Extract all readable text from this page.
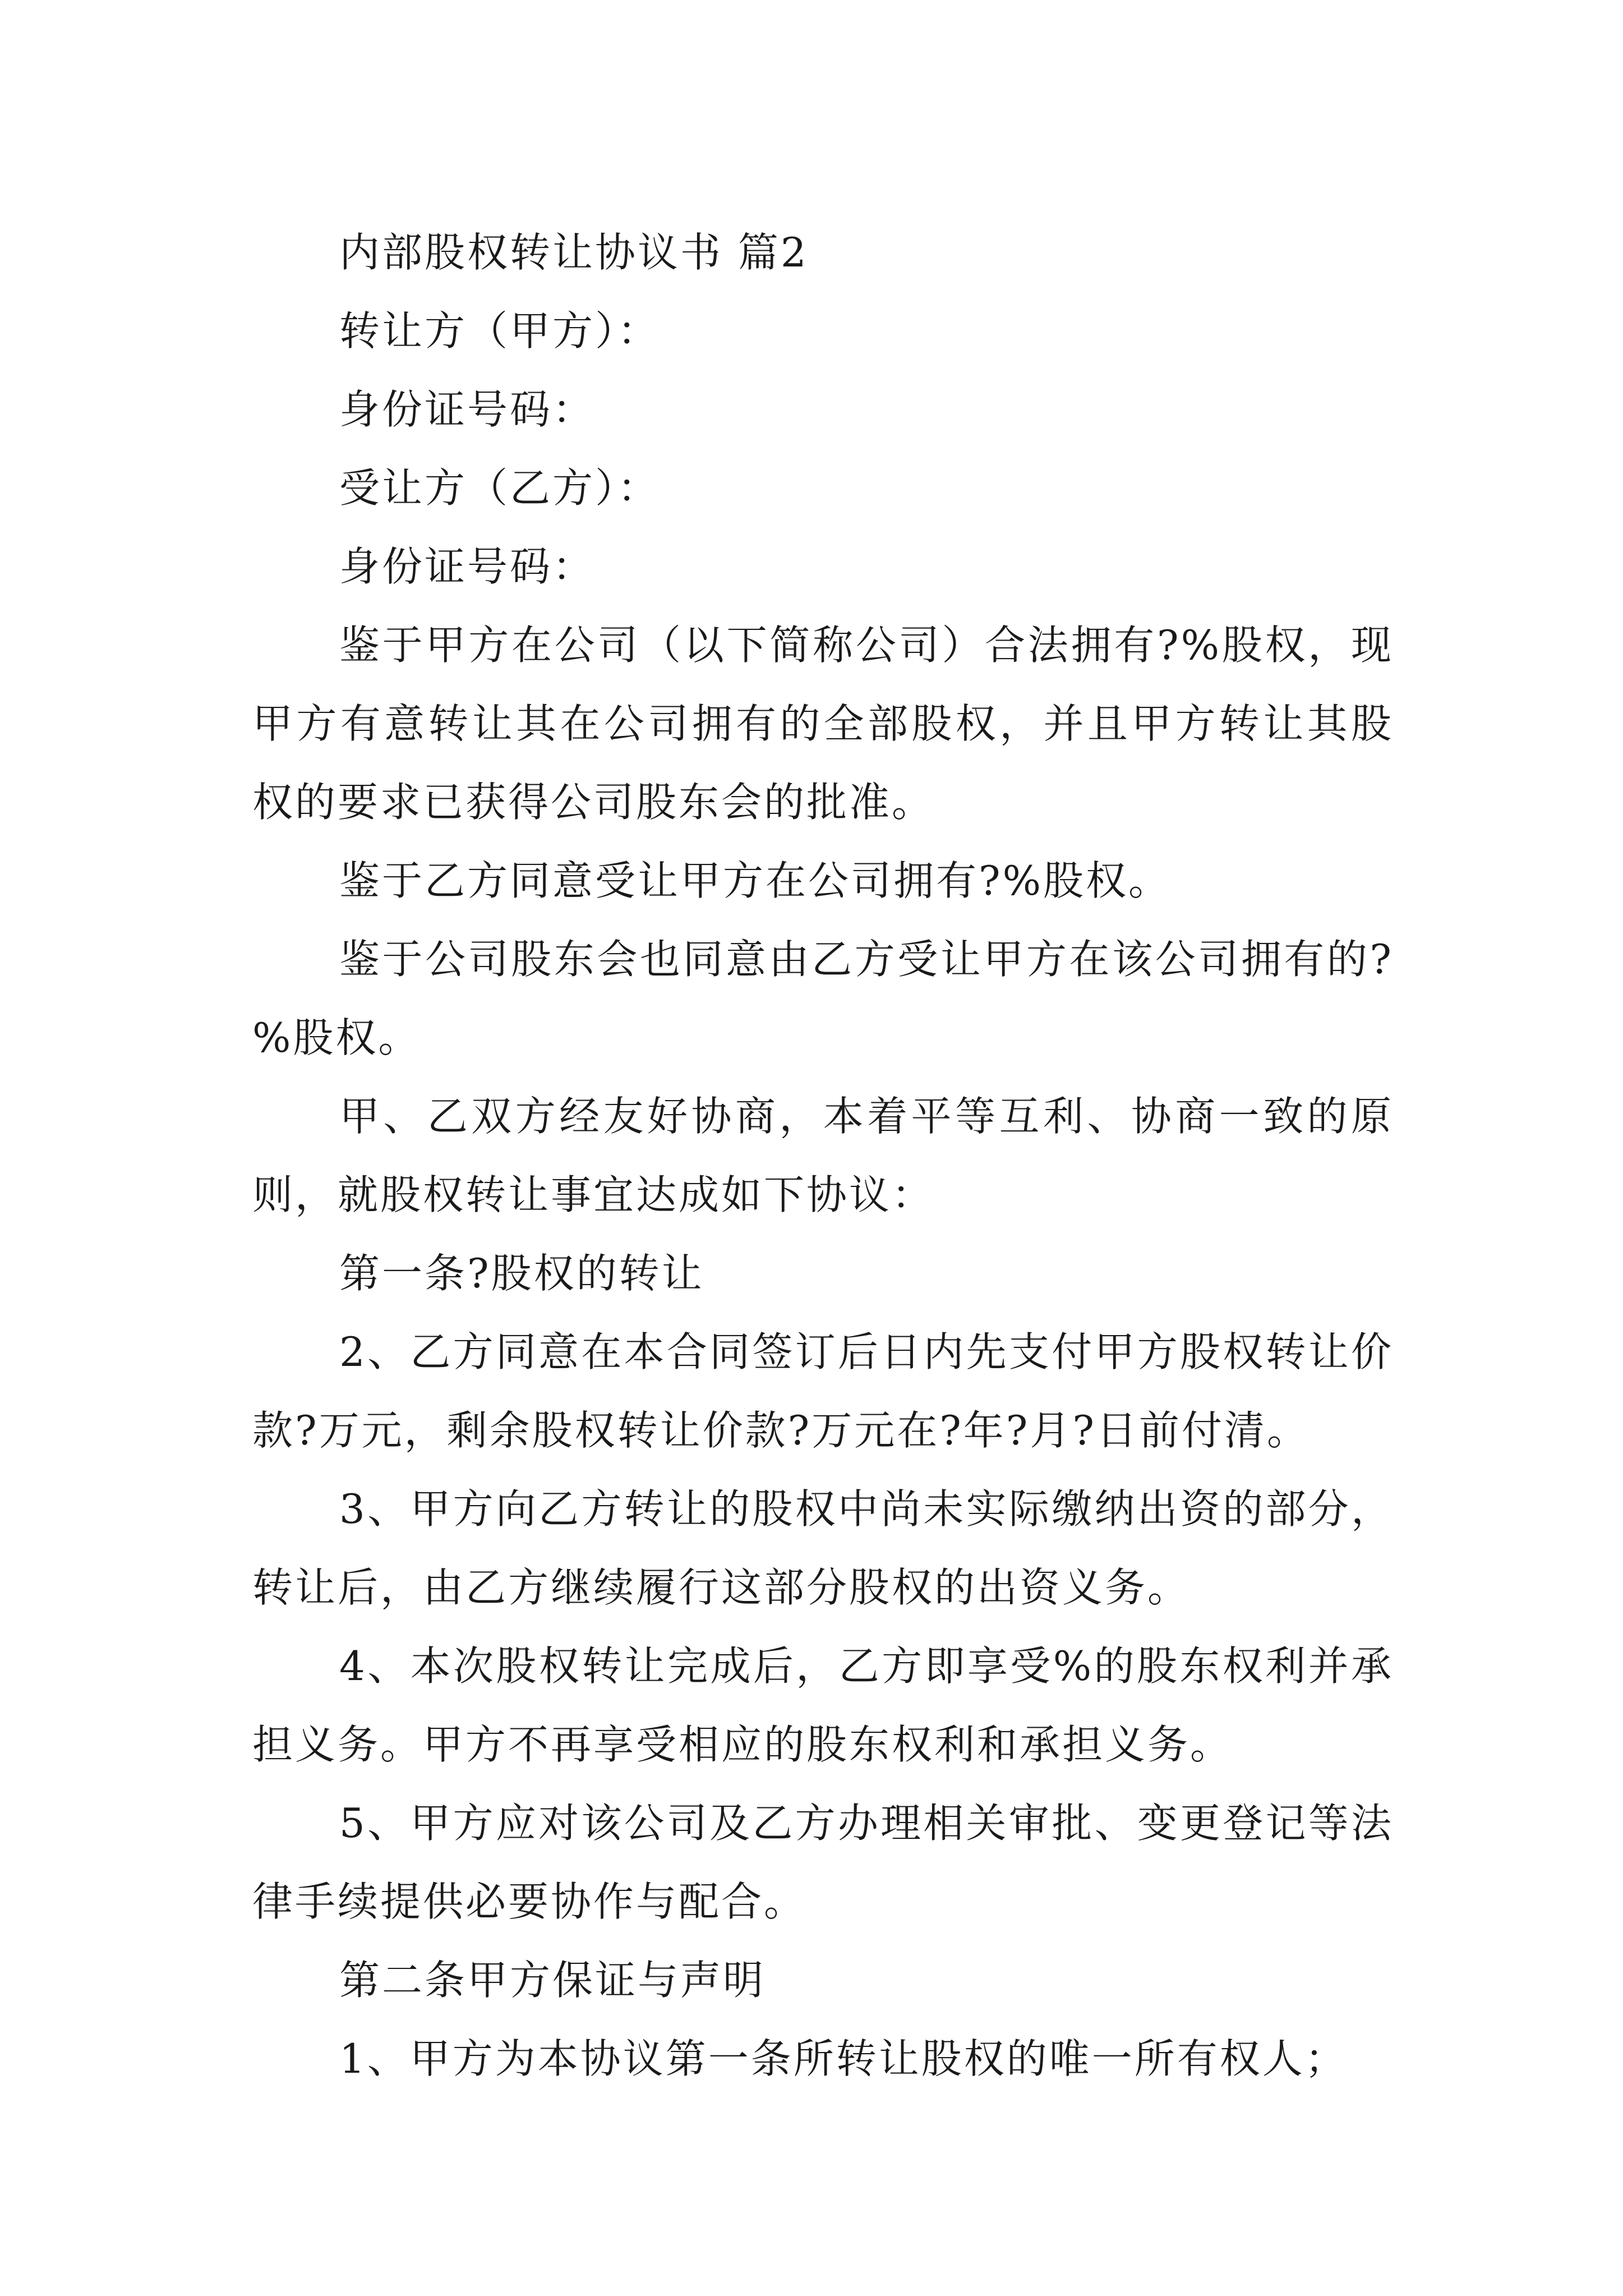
内部股权转让协议书 篇2

转让方（甲方）：

身份证号码：

受让方（乙方）：

身份证号码：

鉴于甲方在公司（以下简称公司）合法拥有?%股权，现甲方有意转让其在公司拥有的全部股权，并且甲方转让其股权的要求已获得公司股东会的批准。

鉴于乙方同意受让甲方在公司拥有?%股权。

鉴于公司股东会也同意由乙方受让甲方在该公司拥有的?%股权。

甲、乙双方经友好协商，本着平等互利、协商一致的原则，就股权转让事宜达成如下协议：

第一条?股权的转让

2、乙方同意在本合同签订后日内先支付甲方股权转让价款?万元，剩余股权转让价款?万元在?年?月?日前付清。

3、甲方向乙方转让的股权中尚未实际缴纳出资的部分，转让后，由乙方继续履行这部分股权的出资义务。

4、本次股权转让完成后，乙方即享受%的股东权利并承担义务。甲方不再享受相应的股东权利和承担义务。

5、甲方应对该公司及乙方办理相关审批、变更登记等法律手续提供必要协作与配合。

第二条甲方保证与声明

1、甲方为本协议第一条所转让股权的唯一所有权人；
